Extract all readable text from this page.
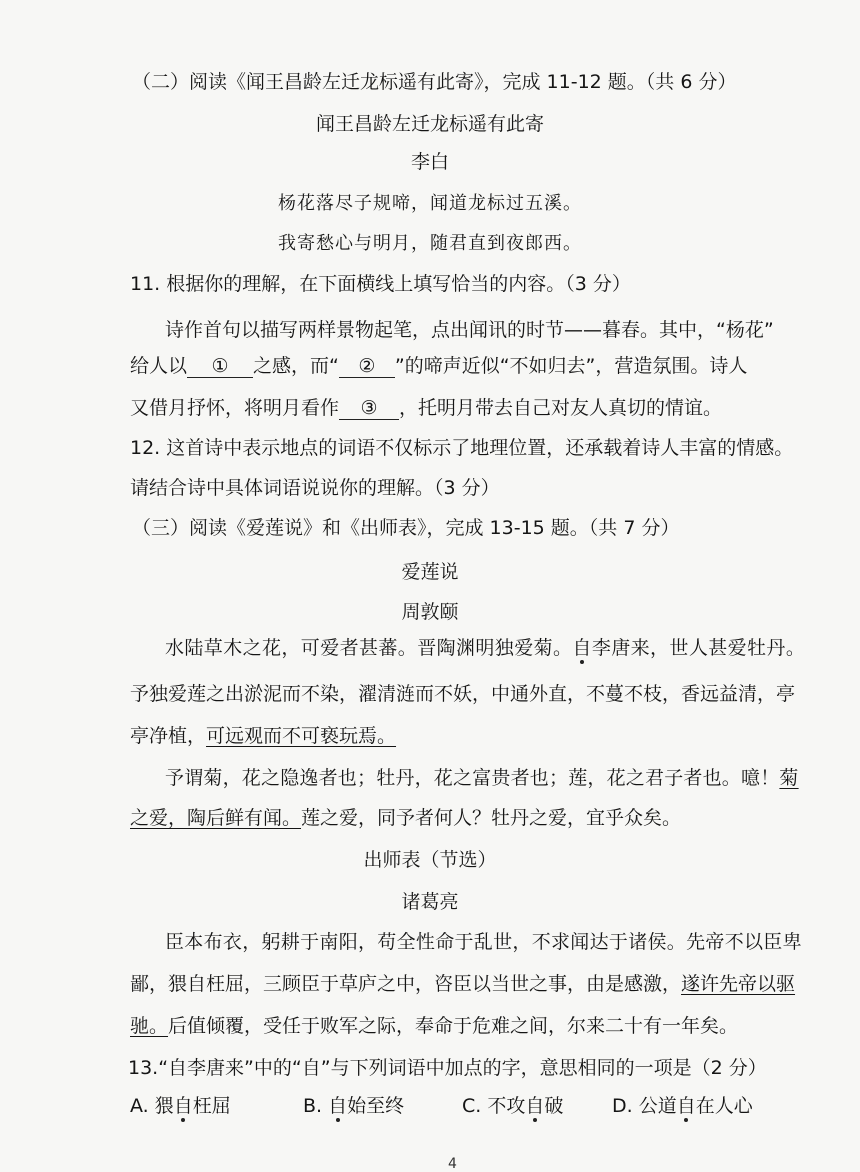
（二）阅读《闻王昌龄左迁龙标遥有此寄》，完成 11-12 题。（共 6 分）
闻王昌龄左迁龙标遥有此寄
李白
杨花落尽子规啼，闻道龙标过五溪。
我寄愁心与明月，随君直到夜郎西。
11. 根据你的理解，在下面横线上填写恰当的内容。（3 分）
诗作首句以描写两样景物起笔，点出闻讯的时节——暮春。其中，“杨花”
给人以 ① 之感，而“ ② ”的啼声近似“不如归去”，营造氛围。诗人
又借月抒怀，将明月看作 ③ ，托明月带去自己对友人真切的情谊。
12. 这首诗中表示地点的词语不仅标示了地理位置，还承载着诗人丰富的情感。
请结合诗中具体词语说说你的理解。（3 分）
（三）阅读《爱莲说》和《出师表》，完成 13-15 题。（共 7 分）
爱莲说
周敦颐
水陆草木之花，可爱者甚蕃。晋陶渊明独爱菊。自李唐来，世人甚爱牡丹。
予独爱莲之出淤泥而不染，濯清涟而不妖，中通外直，不蔓不枝，香远益清，亭
亭净植，可远观而不可亵玩焉。
予谓菊，花之隐逸者也；牡丹，花之富贵者也；莲，花之君子者也。噫！菊
之爱，陶后鲜有闻。莲之爱，同予者何人？牡丹之爱，宜乎众矣。
出师表（节选）
诸葛亮
臣本布衣，躬耕于南阳，苟全性命于乱世，不求闻达于诸侯。先帝不以臣卑
鄙，猥自枉屈，三顾臣于草庐之中，咨臣以当世之事，由是感激，遂许先帝以驱
驰。后值倾覆，受任于败军之际，奉命于危难之间，尔来二十有一年矣。
13.“自李唐来”中的“自”与下列词语中加点的字，意思相同的一项是（2 分）
A. 猥自枉屈	B. 自始至终	C. 不攻自破	D. 公道自在人心
4
